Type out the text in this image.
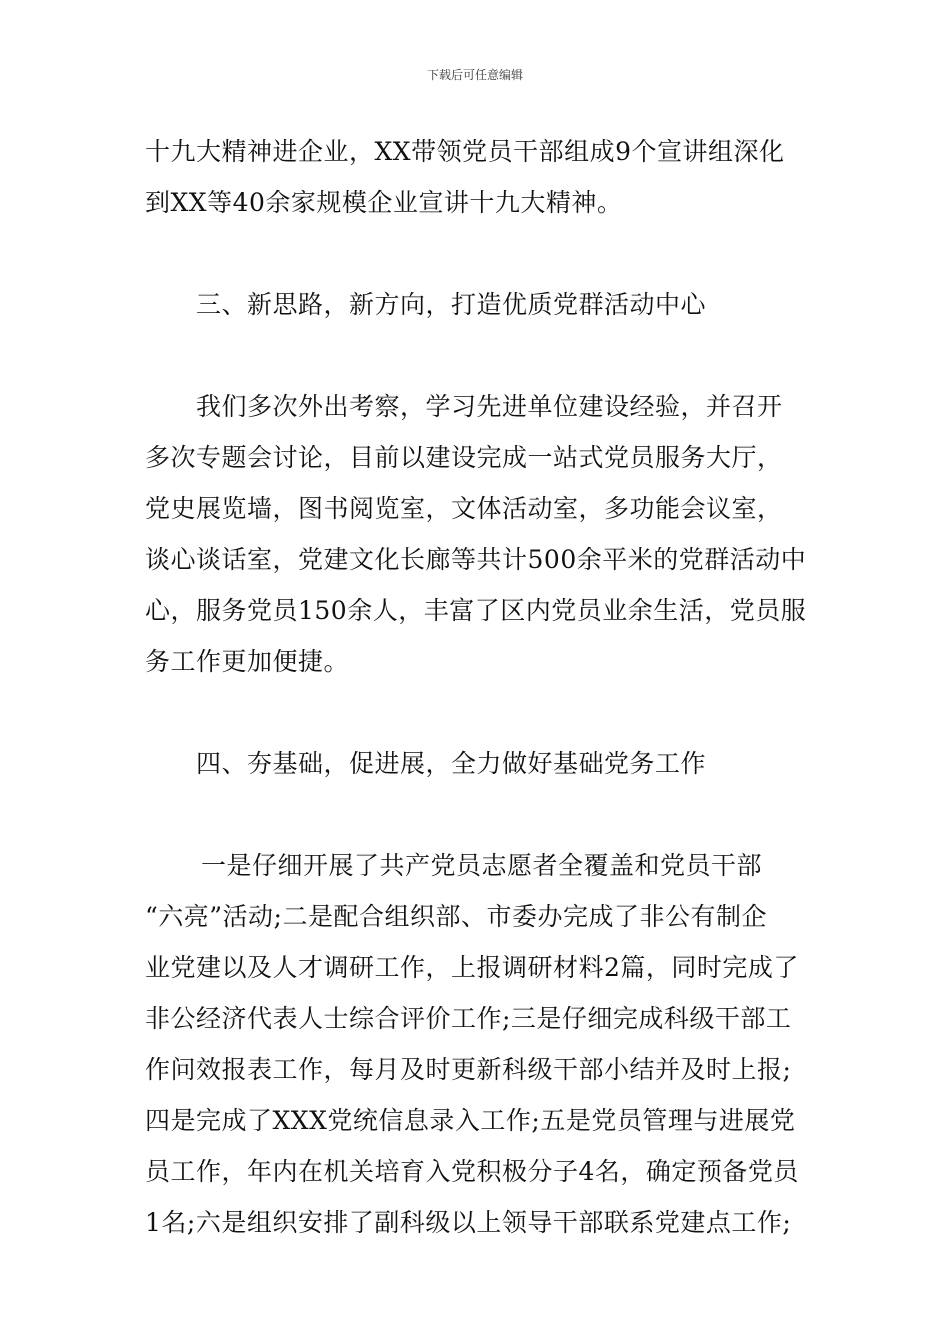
下载后可任意编辑
十九大精神进企业，XX带领党员干部组成9个宣讲组深化
到XX等40余家规模企业宣讲十九大精神。
三、新思路，新方向，打造优质党群活动中心
我们多次外出考察，学习先进单位建设经验，并召开
多次专题会讨论，目前以建设完成一站式党员服务大厅，
党史展览墙，图书阅览室，文体活动室，多功能会议室，
谈心谈话室，党建文化长廊等共计500余平米的党群活动中
心，服务党员150余人，丰富了区内党员业余生活，党员服
务工作更加便捷。
四、夯基础，促进展，全力做好基础党务工作
一是仔细开展了共产党员志愿者全覆盖和党员干部
“六亮”活动;二是配合组织部、市委办完成了非公有制企
业党建以及人才调研工作，上报调研材料2篇，同时完成了
非公经济代表人士综合评价工作;三是仔细完成科级干部工
作问效报表工作，每月及时更新科级干部小结并及时上报;
四是完成了XXX党统信息录入工作;五是党员管理与进展党
员工作，年内在机关培育入党积极分子4名，确定预备党员
1名;六是组织安排了副科级以上领导干部联系党建点工作;
